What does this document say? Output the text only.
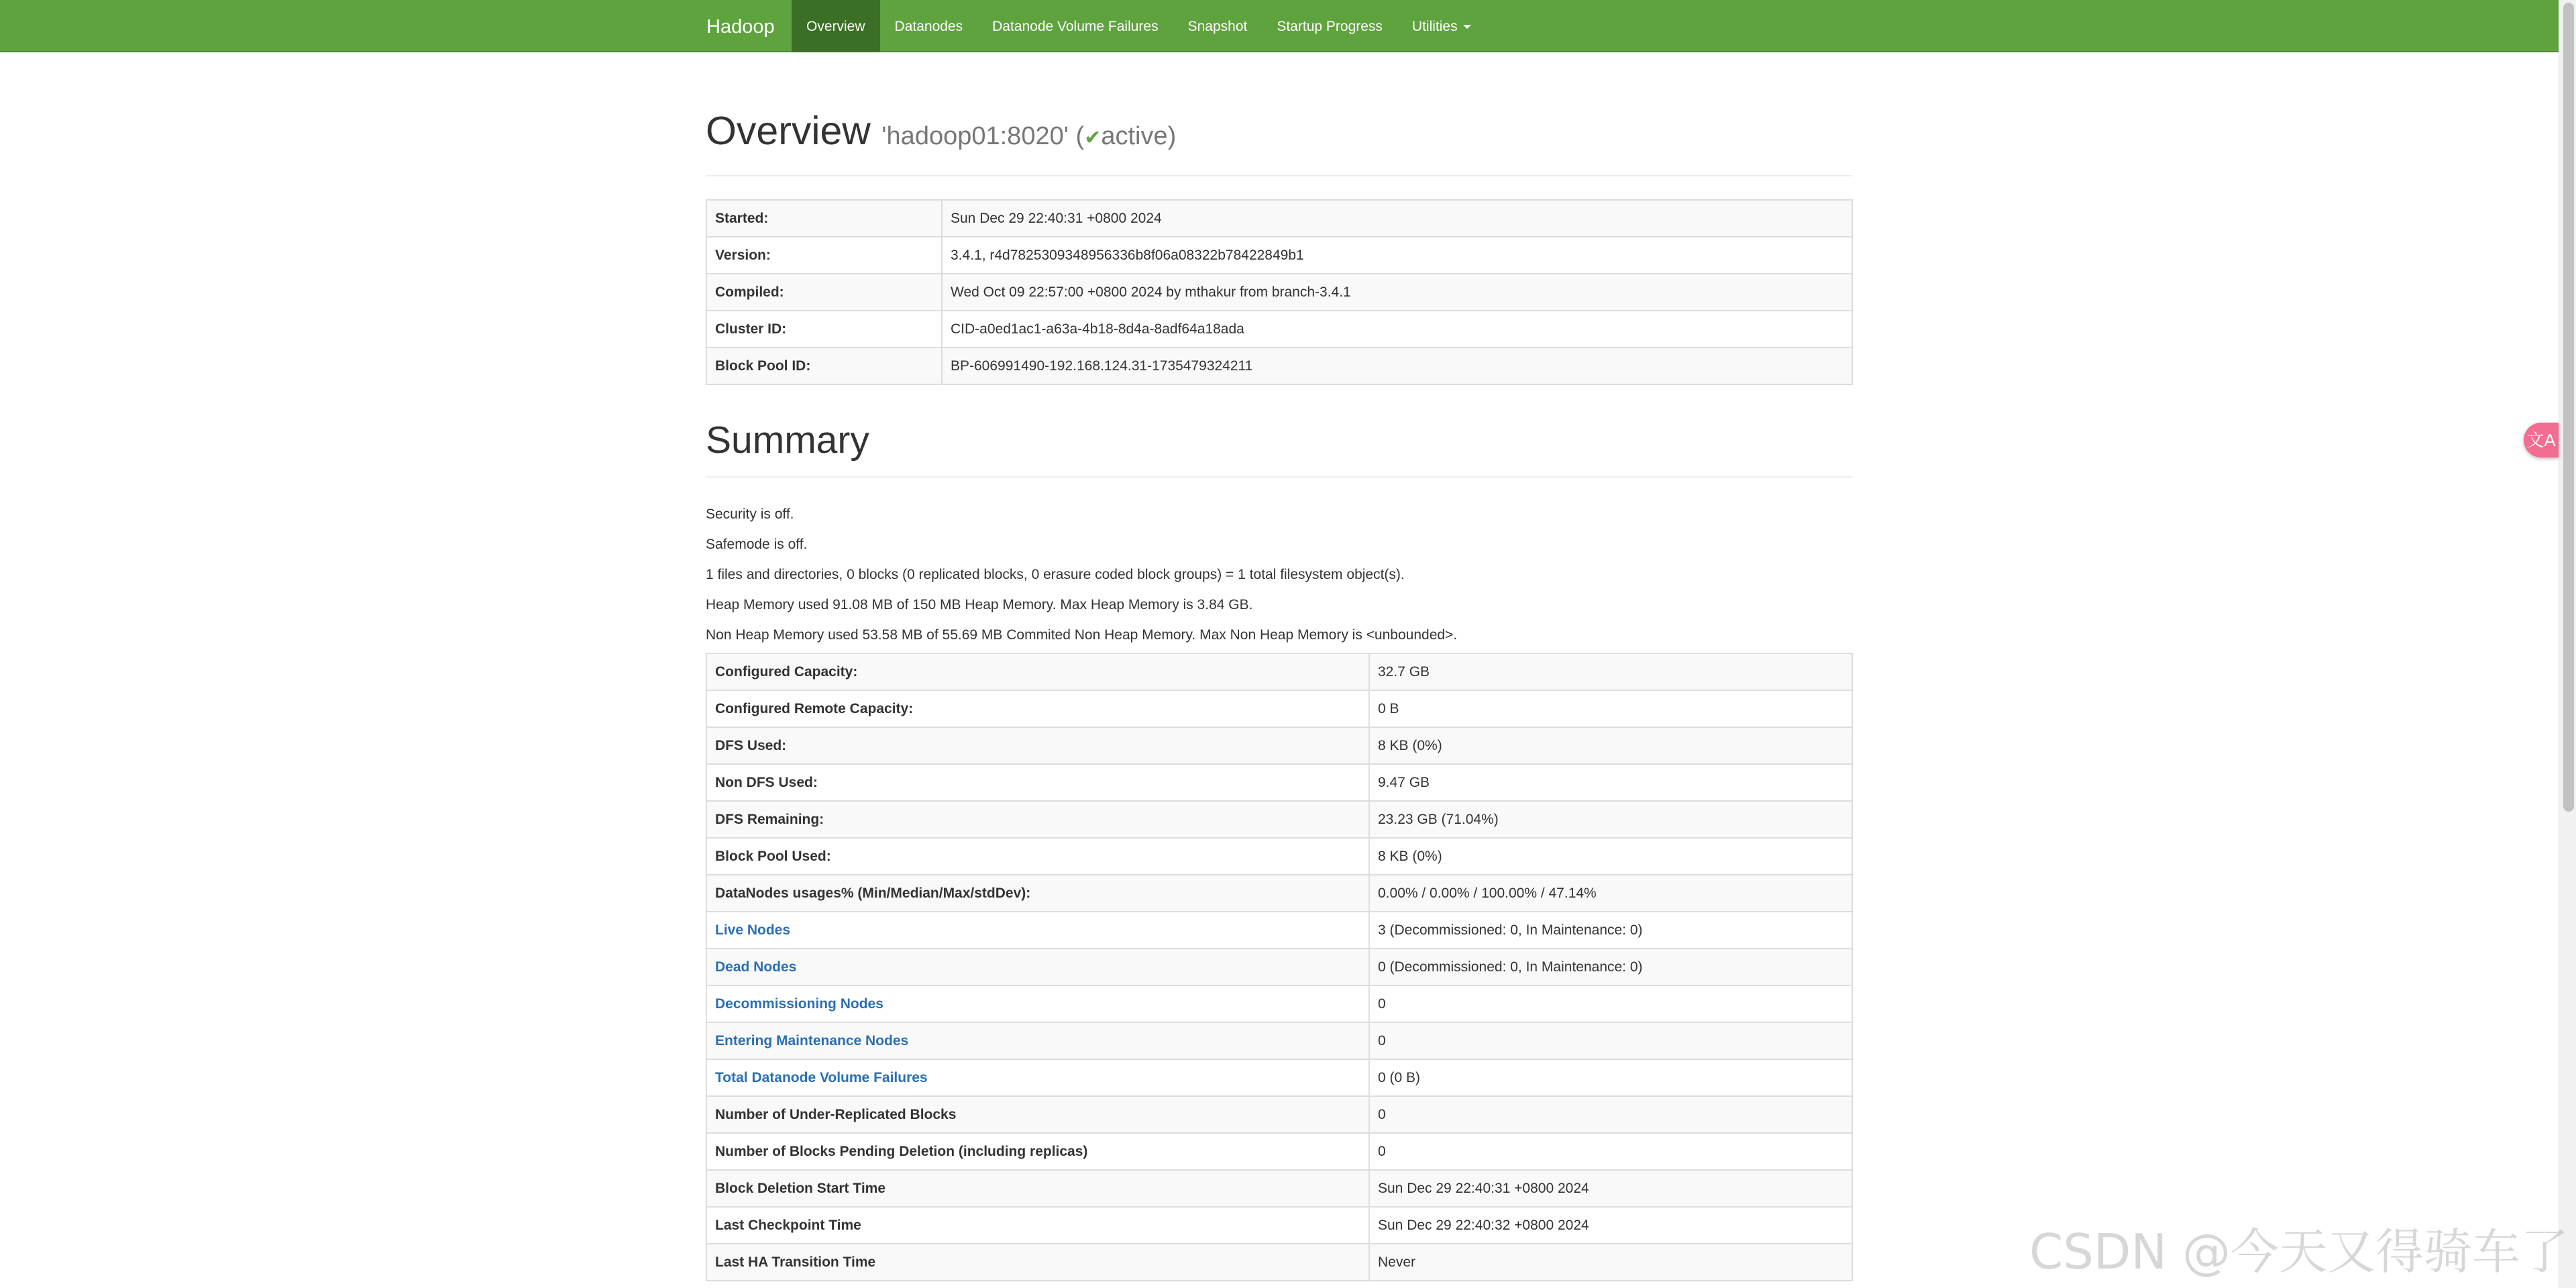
Hadoop	Overview	Datanodes	Datanode Volume Failures	Snapshot	Startup Progress	Utilities
Overview 'hadoop01:8020' (✔active)
Started:	Sun Dec 29 22:40:31 +0800 2024
Version:	3.4.1, r4d7825309348956336b8f06a08322b78422849b1
Compiled:	Wed Oct 09 22:57:00 +0800 2024 by mthakur from branch-3.4.1
Cluster ID:	CID-a0ed1ac1-a63a-4b18-8d4a-8adf64a18ada
Block Pool ID:	BP-606991490-192.168.124.31-1735479324211
Summary

Security is off.

Safemode is off.

1 files and directories, 0 blocks (0 replicated blocks, 0 erasure coded block groups) = 1 total filesystem object(s).

Heap Memory used 91.08 MB of 150 MB Heap Memory. Max Heap Memory is 3.84 GB.

Non Heap Memory used 53.58 MB of 55.69 MB Commited Non Heap Memory. Max Non Heap Memory is <unbounded>.

Configured Capacity:	32.7 GB
Configured Remote Capacity:	0 B
DFS Used:	8 KB (0%)
Non DFS Used:	9.47 GB
DFS Remaining:	23.23 GB (71.04%)
Block Pool Used:	8 KB (0%)
DataNodes usages% (Min/Median/Max/stdDev):	0.00% / 0.00% / 100.00% / 47.14%
Live Nodes	3 (Decommissioned: 0, In Maintenance: 0)
Dead Nodes	0 (Decommissioned: 0, In Maintenance: 0)
Decommissioning Nodes	0
Entering Maintenance Nodes	0
Total Datanode Volume Failures	0 (0 B)
Number of Under-Replicated Blocks	0
Number of Blocks Pending Deletion (including replicas)	0
Block Deletion Start Time	Sun Dec 29 22:40:31 +0800 2024
Last Checkpoint Time	Sun Dec 29 22:40:32 +0800 2024
Last HA Transition Time	Never
文A
CSDN @今天又得骑车了
